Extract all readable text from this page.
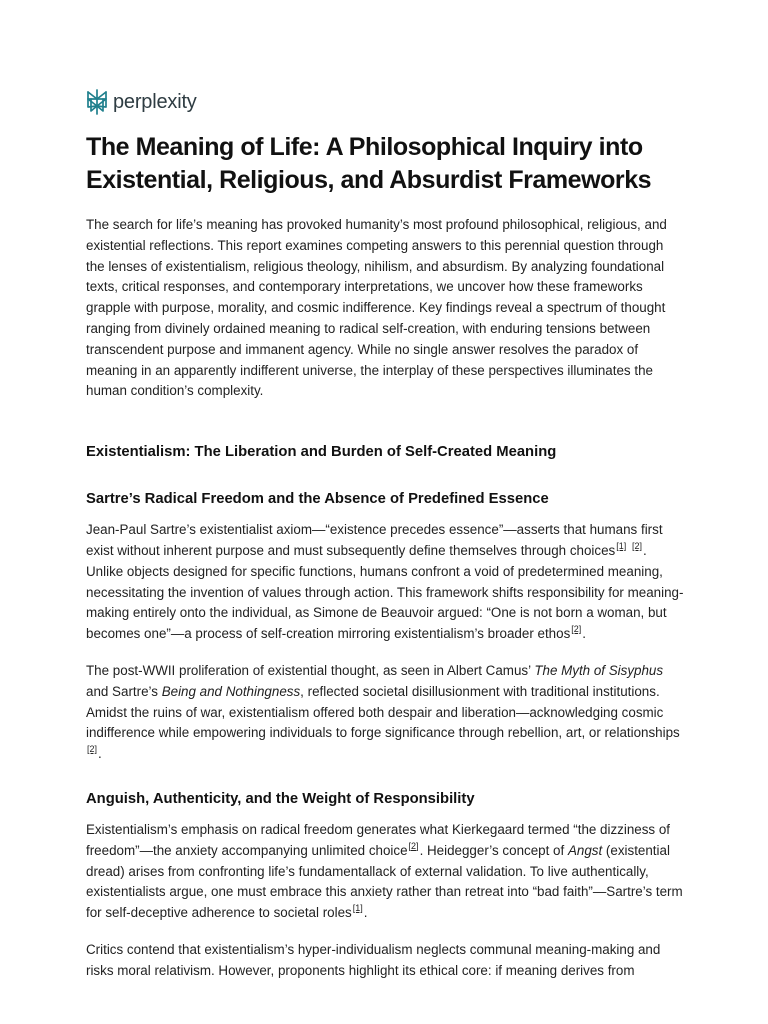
perplexity
The Meaning of Life: A Philosophical Inquiry into Existential, Religious, and Absurdist Frameworks

The search for life’s meaning has provoked humanity’s most profound philosophical, religious, and existential reflections. This report examines competing answers to this perennial question through the lenses of existentialism, religious theology, nihilism, and absurdism. By analyzing foundational texts, critical responses, and contemporary interpretations, we uncover how these frameworks grapple with purpose, morality, and cosmic indifference. Key findings reveal a spectrum of thought ranging from divinely ordained meaning to radical self-creation, with enduring tensions between transcendent purpose and immanent agency. While no single answer resolves the paradox of meaning in an apparently indifferent universe, the interplay of these perspectives illuminates the human condition’s complexity.

Existentialism: The Liberation and Burden of Self-Created Meaning
Sartre’s Radical Freedom and the Absence of Predefined Essence

Jean-Paul Sartre’s existentialist axiom—“existence precedes essence”—asserts that humans first exist without inherent purpose and must subsequently define themselves through choices[1] [2]. Unlike objects designed for specific functions, humans confront a void of predetermined meaning, necessitating the invention of values through action. This framework shifts responsibility for meaning-making entirely onto the individual, as Simone de Beauvoir argued: “One is not born a woman, but becomes one”—a process of self-creation mirroring existentialism’s broader ethos[2].

The post-WWII proliferation of existential thought, as seen in Albert Camus’ The Myth of Sisyphus and Sartre’s Being and Nothingness, reflected societal disillusionment with traditional institutions. Amidst the ruins of war, existentialism offered both despair and liberation—acknowledging cosmic indifference while empowering individuals to forge significance through rebellion, art, or relationships [2].

Anguish, Authenticity, and the Weight of Responsibility

Existentialism’s emphasis on radical freedom generates what Kierkegaard termed “the dizziness of freedom”—the anxiety accompanying unlimited choice[2]. Heidegger’s concept of Angst (existential dread) arises from confronting life’s fundamentallack of external validation. To live authentically, existentialists argue, one must embrace this anxiety rather than retreat into “bad faith”—Sartre’s term for self-deceptive adherence to societal roles[1].

Critics contend that existentialism’s hyper-individualism neglects communal meaning-making and risks moral relativism. However, proponents highlight its ethical core: if meaning derives from
